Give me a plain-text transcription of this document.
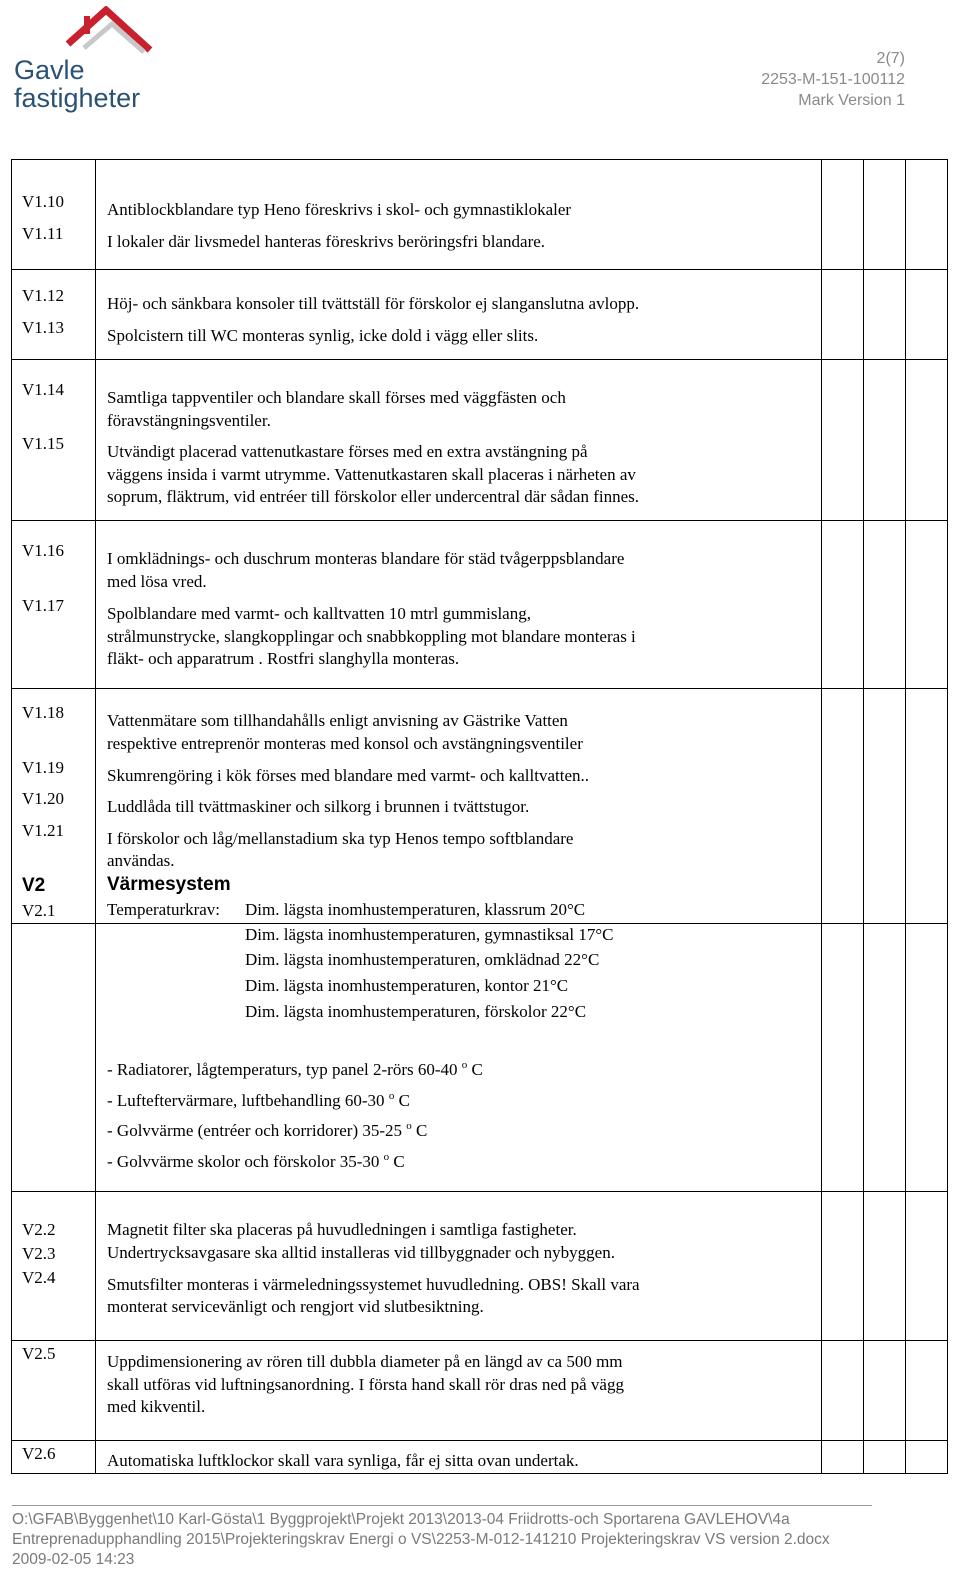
Gavle
fastigheter
2(7)
2253-M-151-100112
Mark Version 1
V1.10	Antiblockblandare typ Heno föreskrivs i skol- och gymnastiklokaler
V1.11	I lokaler där livsmedel hanteras föreskrivs beröringsfri blandare.
V1.12	Höj- och sänkbara konsoler till tvättställ för förskolor ej slanganslutna avlopp.
V1.13	Spolcistern till WC monteras synlig, icke dold i vägg eller slits.
V1.14	Samtliga tappventiler och blandare skall förses med väggfästen och
föravstängningsventiler.
V1.15	Utvändigt placerad vattenutkastare förses med en extra avstängning på
väggens insida i varmt utrymme. Vattenutkastaren skall placeras i närheten av
soprum, fläktrum, vid entréer till förskolor eller undercentral där sådan finnes.
V1.16	I omklädnings- och duschrum monteras blandare för städ tvågerppsblandare
med lösa vred.
V1.17	Spolblandare med varmt- och kalltvatten 10 mtrl gummislang,
strålmunstrycke, slangkopplingar och snabbkoppling mot blandare monteras i
fläkt- och apparatrum . Rostfri slanghylla monteras.
V1.18	Vattenmätare som tillhandahålls enligt anvisning av Gästrike Vatten
respektive entreprenör monteras med konsol och avstängningsventiler
V1.19	Skumrengöring i kök förses med blandare med varmt- och kalltvatten..
V1.20	Luddlåda till tvättmaskiner och silkorg i brunnen i tvättstugor.
V1.21	I förskolor och låg/mellanstadium ska typ Henos tempo softblandare
användas.
V2	Värmesystem
V2.1	Temperaturkrav: Dim. lägsta inomhustemperaturen, klassrum 20°C
Dim. lägsta inomhustemperaturen, gymnastiksal 17°C
Dim. lägsta inomhustemperaturen, omklädnad 22°C
Dim. lägsta inomhustemperaturen, kontor 21°C
Dim. lägsta inomhustemperaturen, förskolor 22°C
- Radiatorer, lågtemperaturs, typ panel 2-rörs 60-40 $^o$ C
- Lufteftervärmare, luftbehandling 60-30 $^o$ C
- Golvvärme (entréer och korridorer) 35-25 $^o$ C
- Golvvärme skolor och förskolor 35-30 $^o$ C
V2.2	Magnetit filter ska placeras på huvudledningen i samtliga fastigheter.
V2.3	Undertrycksavgasare ska alltid installeras vid tillbyggnader och nybyggen.
V2.4	Smutsfilter monteras i värmeledningssystemet huvudledning. OBS! Skall vara
monterat servicevänligt och rengjort vid slutbesiktning.
V2.5	Uppdimensionering av rören till dubbla diameter på en längd av ca 500 mm
skall utföras vid luftningsanordning. I första hand skall rör dras ned på vägg
med kikventil.
V2.6	Automatiska luftklockor skall vara synliga, får ej sitta ovan undertak.
O:\GFAB\Byggenhet\10 Karl-Gösta\1 Byggprojekt\Projekt 2013\2013-04 Friidrotts-och Sportarena GAVLEHOV\4a
Entreprenadupphandling 2015\Projekteringskrav Energi o VS\2253-M-012-141210 Projekteringskrav VS version 2.docx
2009-02-05 14:23
